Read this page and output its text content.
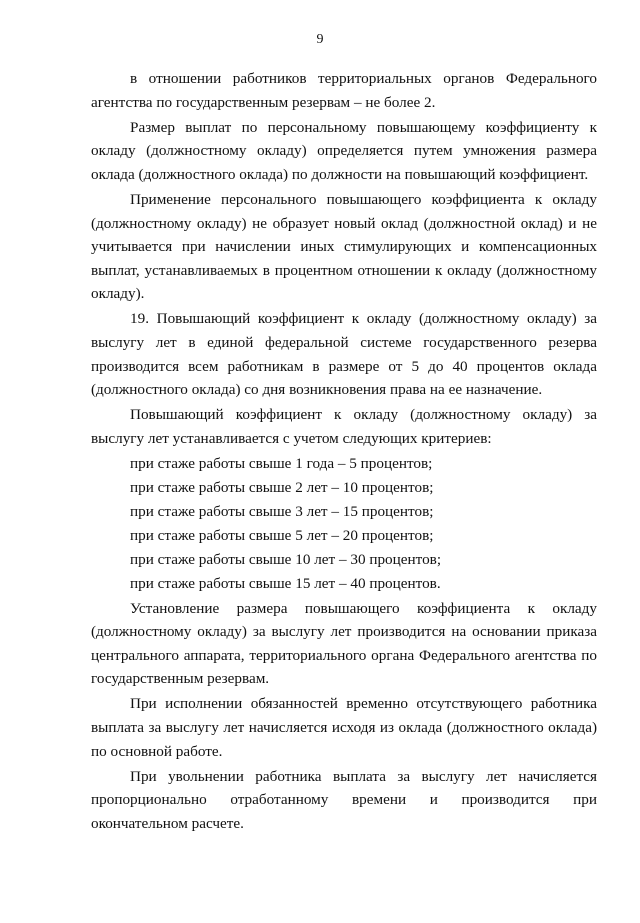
9

в отношении работников территориальных органов Федерального агентства по государственным резервам – не более 2.

Размер выплат по персональному повышающему коэффициенту к окладу (должностному окладу) определяется путем умножения размера оклада (должностного оклада) по должности на повышающий коэффициент.

Применение персонального повышающего коэффициента к окладу (должностному окладу) не образует новый оклад (должностной оклад) и не учитывается при начислении иных стимулирующих и компенсационных выплат, устанавливаемых в процентном отношении к окладу (должностному окладу).

19. Повышающий коэффициент к окладу (должностному окладу) за выслугу лет в единой федеральной системе государственного резерва производится всем работникам в размере от 5 до 40 процентов оклада (должностного оклада) со дня возникновения права на ее назначение.

Повышающий коэффициент к окладу (должностному окладу) за выслугу лет устанавливается с учетом следующих критериев:

при стаже работы свыше 1 года – 5 процентов;

при стаже работы свыше 2 лет – 10 процентов;

при стаже работы свыше 3 лет – 15 процентов;

при стаже работы свыше 5 лет – 20 процентов;

при стаже работы свыше 10 лет – 30 процентов;

при стаже работы свыше 15 лет – 40 процентов.

Установление размера повышающего коэффициента к окладу (должностному окладу) за выслугу лет производится на основании приказа центрального аппарата, территориального органа Федерального агентства по государственным резервам.

При исполнении обязанностей временно отсутствующего работника выплата за выслугу лет начисляется исходя из оклада (должностного оклада) по основной работе.

При увольнении работника выплата за выслугу лет начисляется пропорционально отработанному времени и производится при окончательном расчете.
